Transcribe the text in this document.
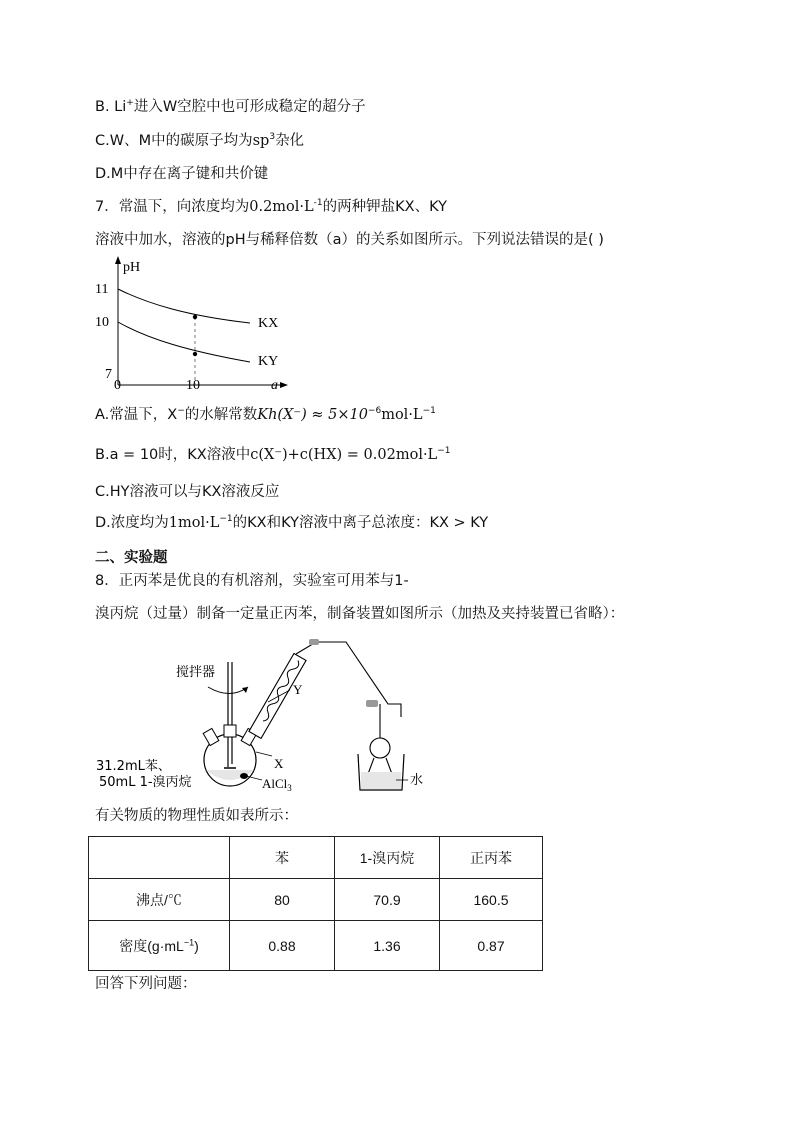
B. Li+进入W空腔中也可形成稳定的超分子
C.W、M中的碳原子均为$sp^3$杂化
D.M中存在离子键和共价键
7．常温下，向浓度均为$0.2mol\cdot L^{-1}$的两种钾盐KX、KY
溶液中加水，溶液的pH与稀释倍数（a）的关系如图所示。下列说法错误的是( )
pH
a
11
10
7
0	10
KX
KY
A.常温下，X−的水解常数$Kh(X^-) \approx 5\times 10^{-6}mol\cdot L^{-1}$
B.a = 10时，KX溶液中$c(X^-)+c(HX) = 0.02mol\cdot L^{-1}$
C.HY溶液可以与KX溶液反应
D.浓度均为$1mol\cdot L^{-1}$的KX和KY溶液中离子总浓度：KX > KY
二、实验题
8．正丙苯是优良的有机溶剂，实验室可用苯与1-
溴丙烷（过量）制备一定量正丙苯，制备装置如图所示（加热及夹持装置已省略）：
搅拌器
Y
水
X
AlCl$_3$
31.2mL苯、
50mL 1-溴丙烷
有关物质的物理性质如表所示：
	苯	1-溴丙烷	正丙苯
沸点/℃	80	70.9	160.5
密度$(g\cdot mL^{-1})$	0.88	1.36	0.87
回答下列问题：
